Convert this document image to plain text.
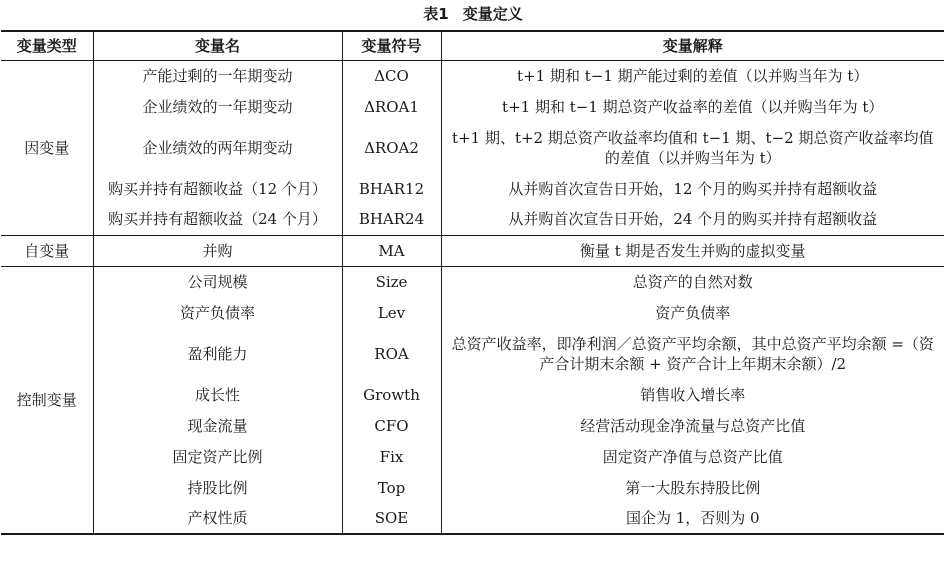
表1 变量定义
变量类型	变量名	变量符号	变量解释
因变量	产能过剩的一年期变动	ΔCO	t+1 期和 t−1 期产能过剩的差值（以并购当年为 t）
	企业绩效的一年期变动	ΔROA1	t+1 期和 t−1 期总资产收益率的差值（以并购当年为 t）
	企业绩效的两年期变动	ΔROA2	t+1 期、t+2 期总资产收益率均值和 t−1 期、t−2 期总资产收益率均值的差值（以并购当年为 t）
	购买并持有超额收益（12 个月）	BHAR12	从并购首次宣告日开始，12 个月的购买并持有超额收益
	购买并持有超额收益（24 个月）	BHAR24	从并购首次宣告日开始，24 个月的购买并持有超额收益
自变量	并购	MA	衡量 t 期是否发生并购的虚拟变量
控制变量	公司规模	Size	总资产的自然对数
	资产负债率	Lev	资产负债率
	盈利能力	ROA	总资产收益率，即净利润／总资产平均余额，其中总资产平均余额 =（资产合计期末余额 + 资产合计上年期末余额）/2
	成长性	Growth	销售收入增长率
	现金流量	CFO	经营活动现金净流量与总资产比值
	固定资产比例	Fix	固定资产净值与总资产比值
	持股比例	Top	第一大股东持股比例
	产权性质	SOE	国企为 1，否则为 0
